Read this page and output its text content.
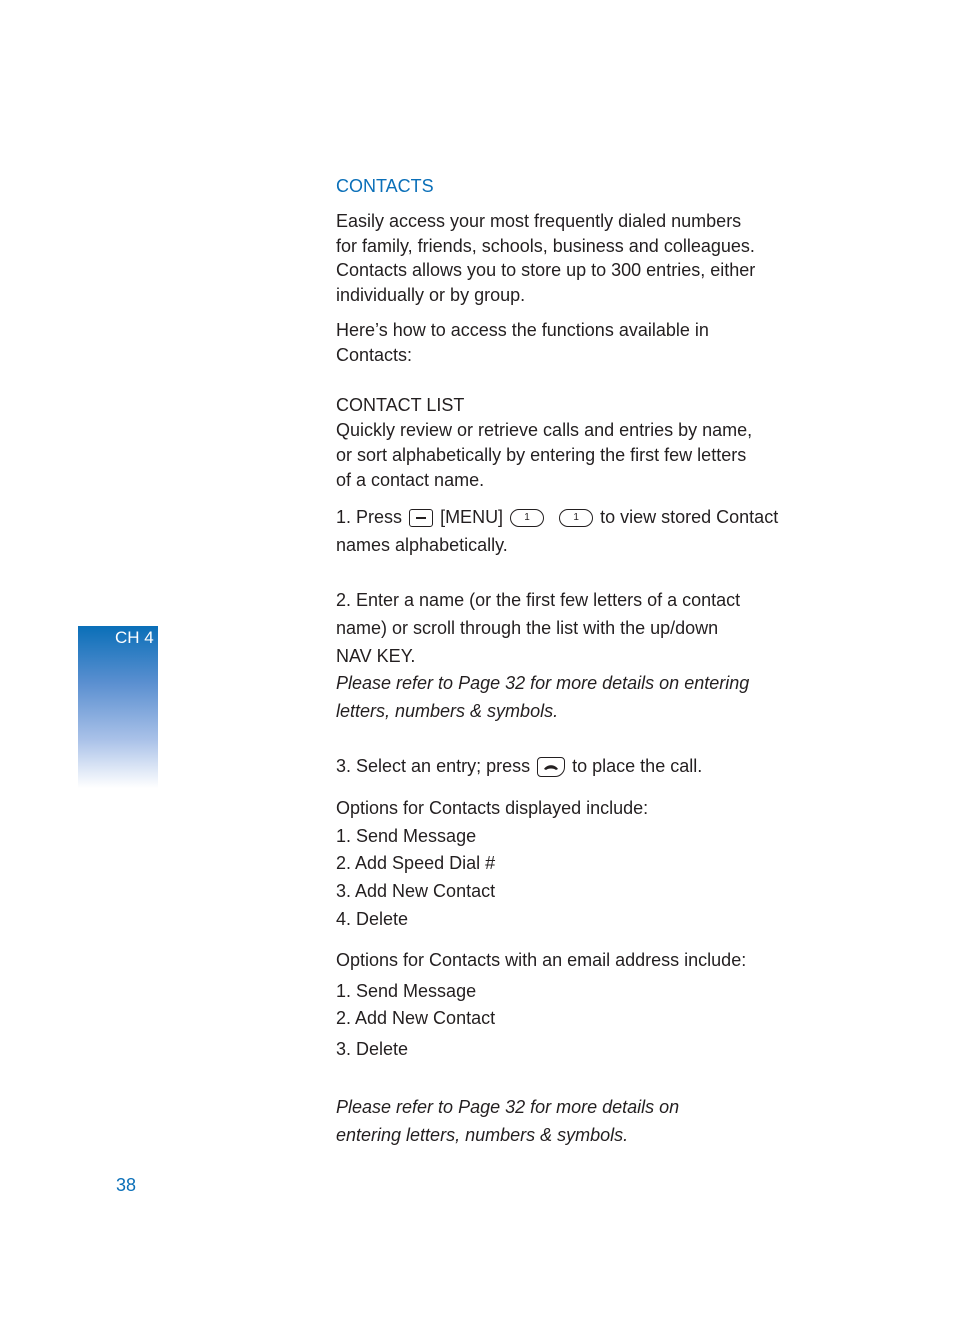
CH 4
CONTACTS
Easily access your most frequently dialed numbers
for family, friends, schools, business and colleagues.
Contacts allows you to store up to 300 entries, either
individually or by group.
Here’s how to access the functions available in
Contacts:
CONTACT LIST
Quickly review or retrieve calls and entries by name,
or sort alphabetically by entering the first few letters
of a contact name.
1. Press [MENU] 1	1 to view stored Contact
names alphabetically.
2. Enter a name (or the first few letters of a contact
name) or scroll through the list with the up/down
NAV KEY.
Please refer to Page 32 for more details on entering
letters, numbers & symbols.
3. Select an entry; press to place the call.
Options for Contacts displayed include:
1. Send Message
2. Add Speed Dial #
3. Add New Contact
4. Delete
Options for Contacts with an email address include:
1. Send Message
2. Add New Contact
3. Delete
Please refer to Page 32 for more details on
entering letters, numbers & symbols.
38
